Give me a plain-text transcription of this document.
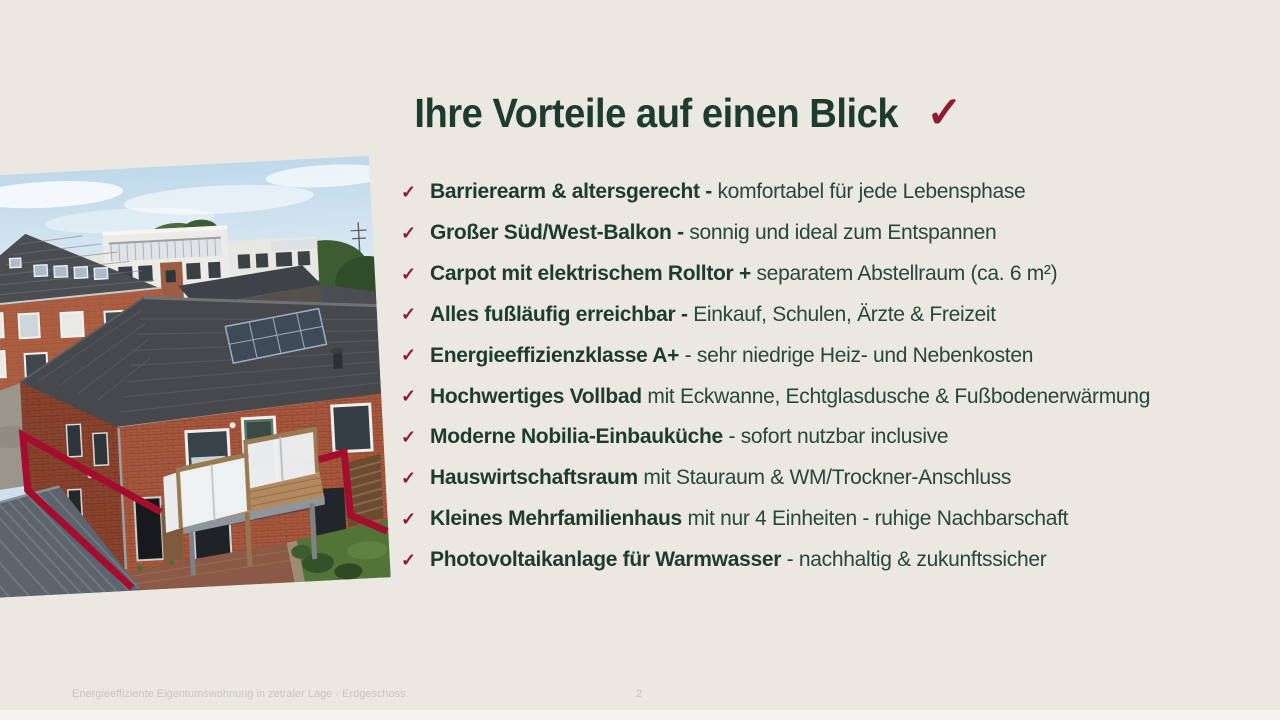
Ihre Vorteile auf einen Blick ✓
✓ Barrierearm & altersgerecht - komfortabel für jede Lebensphase
✓ Großer Süd/West-Balkon - sonnig und ideal zum Entspannen
✓ Carpot mit elektrischem Rolltor + separatem Abstellraum (ca. 6 m²)
✓ Alles fußläufig erreichbar - Einkauf, Schulen, Ärzte & Freizeit
✓ Energieeffizienzklasse A+ - sehr niedrige Heiz- und Nebenkosten
✓ Hochwertiges Vollbad mit Eckwanne, Echtglasdusche & Fußbodenerwärmung
✓ Moderne Nobilia-Einbauküche - sofort nutzbar inclusive
✓ Hauswirtschaftsraum mit Stauraum & WM/Trockner-Anschluss
✓ Kleines Mehrfamilienhaus mit nur 4 Einheiten - ruhige Nachbarschaft
✓ Photovoltaikanlage für Warmwasser - nachhaltig & zukunftssicher
Energieeffiziente Eigentumswohnung in zetraler Lage - Erdgeschoss	2
